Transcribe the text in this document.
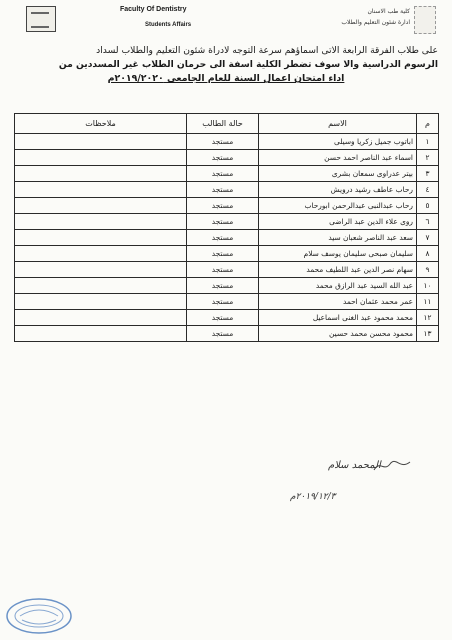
Faculty Of Dentistry
Students Affairs
كلية طب الاسنان
ادارة شئون التعليم والطلاب
على طلاب الفرقة الرابعة الاتى اسماؤهم سرعة التوجه لادراة شئون التعليم والطلاب لسداد
الرسوم الدراسية والا سوف تضطر الكلية اسفة الى حرمان الطلاب غير المسددين من
اداء امتحان اعمال السنة للعام الجامعى ٢٠١٩/٢٠٢٠م
م	الاسم	حالة الطالب	ملاحظات
١	اباتوب جميل زكريا وسيلى	مستجد	
٢	اسماء عبد الناصر احمد حسن	مستجد	
٣	بيتر عدراوى سمعان بشرى	مستجد	
٤	رحاب عاطف رشيد درويش	مستجد	
٥	رحاب عبدالنبى عبدالرحمن ابورحاب	مستجد	
٦	روى علاء الدين عبد الراضى	مستجد	
٧	سعد عبد الناصر شعبان سيد	مستجد	
٨	سليمان صبحى سليمان يوسف سلام	مستجد	
٩	سهام نصر الدين عبد اللطيف محمد	مستجد	
١٠	عبد الله السيد عبد الرازق محمد	مستجد	
١١	عمر محمد عثمان احمد	مستجد	
١٢	محمد محمود عبد الغنى اسماعيل	مستجد	
١٣	محمود محسن محمد حسين	مستجد	
المحمد سلام
٢٠١٩/١٢/٣م
